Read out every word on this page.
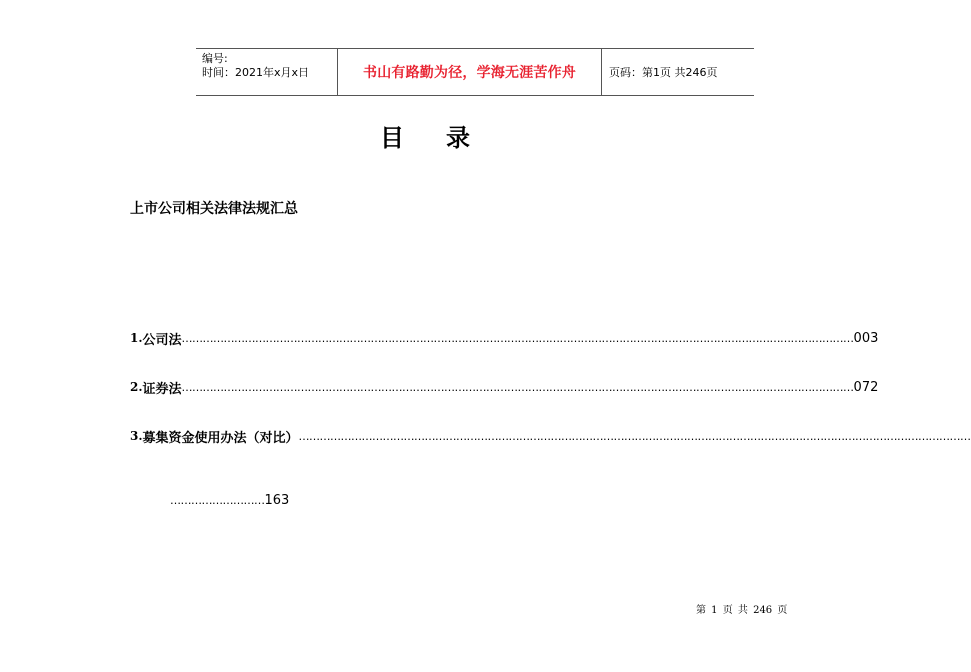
编号:
时间：2021年x月x日	书山有路勤为径，学海无涯苦作舟	页码：第1页 共246页
目 录
上市公司相关法律法规汇总
1. 公司法 ………………………………………………………………………………………………………………………………………………………………………… 003
2. 证券法 ………………………………………………………………………………………………………………………………………………………………………… 072
3. 募集资金使用办法（对比） …………………………………………………………………………………………………………………………………………………………………………
……………………… 163
第 1 页 共 246 页
